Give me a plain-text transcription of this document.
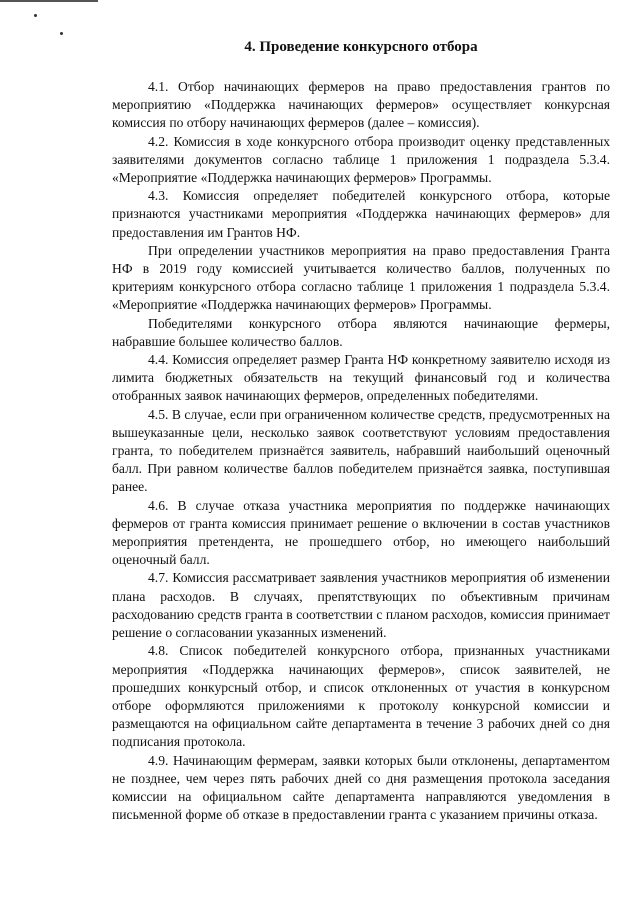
4. Проведение конкурсного отбора

4.1. Отбор начинающих фермеров на право предоставления грантов по мероприятию «Поддержка начинающих фермеров» осуществляет конкурсная комиссия по отбору начинающих фермеров (далее – комиссия).

4.2. Комиссия в ходе конкурсного отбора производит оценку представленных заявителями документов согласно таблице 1 приложения 1 подраздела 5.3.4. «Мероприятие «Поддержка начинающих фермеров» Программы.

4.3. Комиссия определяет победителей конкурсного отбора, которые признаются участниками мероприятия «Поддержка начинающих фермеров» для предоставления им Грантов НФ.

При определении участников мероприятия на право предоставления Гранта НФ в 2019 году комиссией учитывается количество баллов, полученных по критериям конкурсного отбора согласно таблице 1 приложения 1 подраздела 5.3.4. «Мероприятие «Поддержка начинающих фермеров» Программы.

Победителями конкурсного отбора являются начинающие фермеры, набравшие большее количество баллов.

4.4. Комиссия определяет размер Гранта НФ конкретному заявителю исходя из лимита бюджетных обязательств на текущий финансовый год и количества отобранных заявок начинающих фермеров, определенных победителями.

4.5. В случае, если при ограниченном количестве средств, предусмотренных на вышеуказанные цели, несколько заявок соответствуют условиям предоставления гранта, то победителем признаётся заявитель, набравший наибольший оценочный балл. При равном количестве баллов победителем признаётся заявка, поступившая ранее.

4.6. В случае отказа участника мероприятия по поддержке начинающих фермеров от гранта комиссия принимает решение о включении в состав участников мероприятия претендента, не прошедшего отбор, но имеющего наибольший оценочный балл.

4.7. Комиссия рассматривает заявления участников мероприятия об изменении плана расходов. В случаях, препятствующих по объективным причинам расходованию средств гранта в соответствии с планом расходов, комиссия принимает решение о согласовании указанных изменений.

4.8. Список победителей конкурсного отбора, признанных участниками мероприятия «Поддержка начинающих фермеров», список заявителей, не прошедших конкурсный отбор, и список отклоненных от участия в конкурсном отборе оформляются приложениями к протоколу конкурсной комиссии и размещаются на официальном сайте департамента в течение 3 рабочих дней со дня подписания протокола.

4.9. Начинающим фермерам, заявки которых были отклонены, департаментом не позднее, чем через пять рабочих дней со дня размещения протокола заседания комиссии на официальном сайте департамента направляются уведомления в письменной форме об отказе в предоставлении гранта с указанием причины отказа.
